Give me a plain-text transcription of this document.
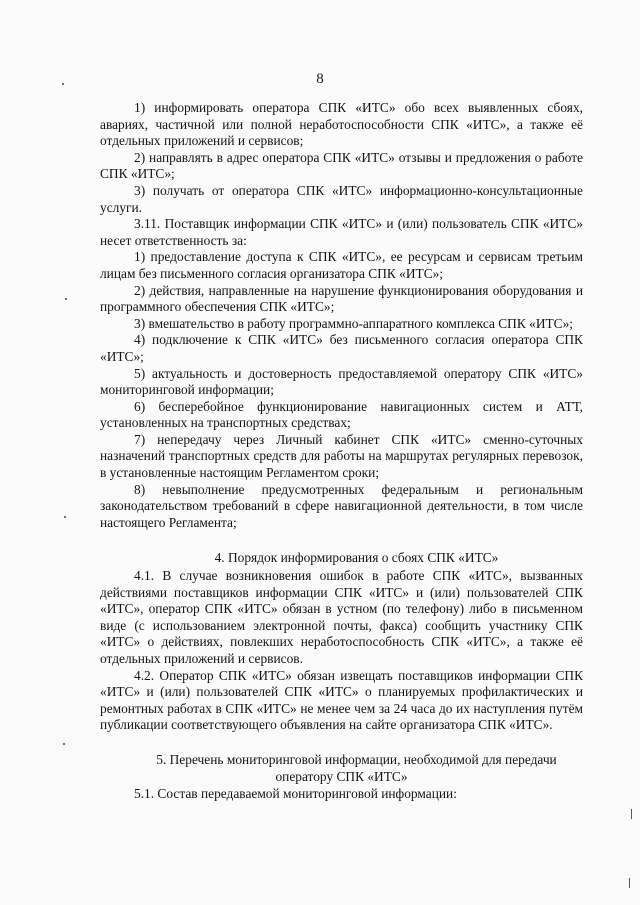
8

1) информировать оператора СПК «ИТС» обо всех выявленных сбоях, авариях, частичной или полной неработоспособности СПК «ИТС», а также её отдельных приложений и сервисов;

2) направлять в адрес оператора СПК «ИТС» отзывы и предложения о работе СПК «ИТС»;

3) получать от оператора СПК «ИТС» информационно-консультационные услуги.

3.11. Поставщик информации СПК «ИТС» и (или) пользователь СПК «ИТС» несет ответственность за:

1) предоставление доступа к СПК «ИТС», ее ресурсам и сервисам третьим лицам без письменного согласия организатора СПК «ИТС»;

2) действия, направленные на нарушение функционирования оборудования и программного обеспечения СПК «ИТС»;

3) вмешательство в работу программно-аппаратного комплекса СПК «ИТС»;

4) подключение к СПК «ИТС» без письменного согласия оператора СПК «ИТС»;

5) актуальность и достоверность предоставляемой оператору СПК «ИТС» мониторинговой информации;

6) бесперебойное функционирование навигационных систем и АТТ, установленных на транспортных средствах;

7) непередачу через Личный кабинет СПК «ИТС» сменно-суточных назначений транспортных средств для работы на маршрутах регулярных перевозок, в установленные настоящим Регламентом сроки;

8) невыполнение предусмотренных федеральным и региональным законодательством требований в сфере навигационной деятельности, в том числе настоящего Регламента;

4. Порядок информирования о сбоях СПК «ИТС»

4.1. В случае возникновения ошибок в работе СПК «ИТС», вызванных действиями поставщиков информации СПК «ИТС» и (или) пользователей СПК «ИТС», оператор СПК «ИТС» обязан в устном (по телефону) либо в письменном виде (с использованием электронной почты, факса) сообщить участнику СПК «ИТС» о действиях, повлекших неработоспособность СПК «ИТС», а также её отдельных приложений и сервисов.

4.2. Оператор СПК «ИТС» обязан извещать поставщиков информации СПК «ИТС» и (или) пользователей СПК «ИТС» о планируемых профилактических и ремонтных работах в СПК «ИТС» не менее чем за 24 часа до их наступления путём публикации соответствующего объявления на сайте организатора СПК «ИТС».

5. Перечень мониторинговой информации, необходимой для передачи

оператору СПК «ИТС»

5.1. Состав передаваемой мониторинговой информации:
